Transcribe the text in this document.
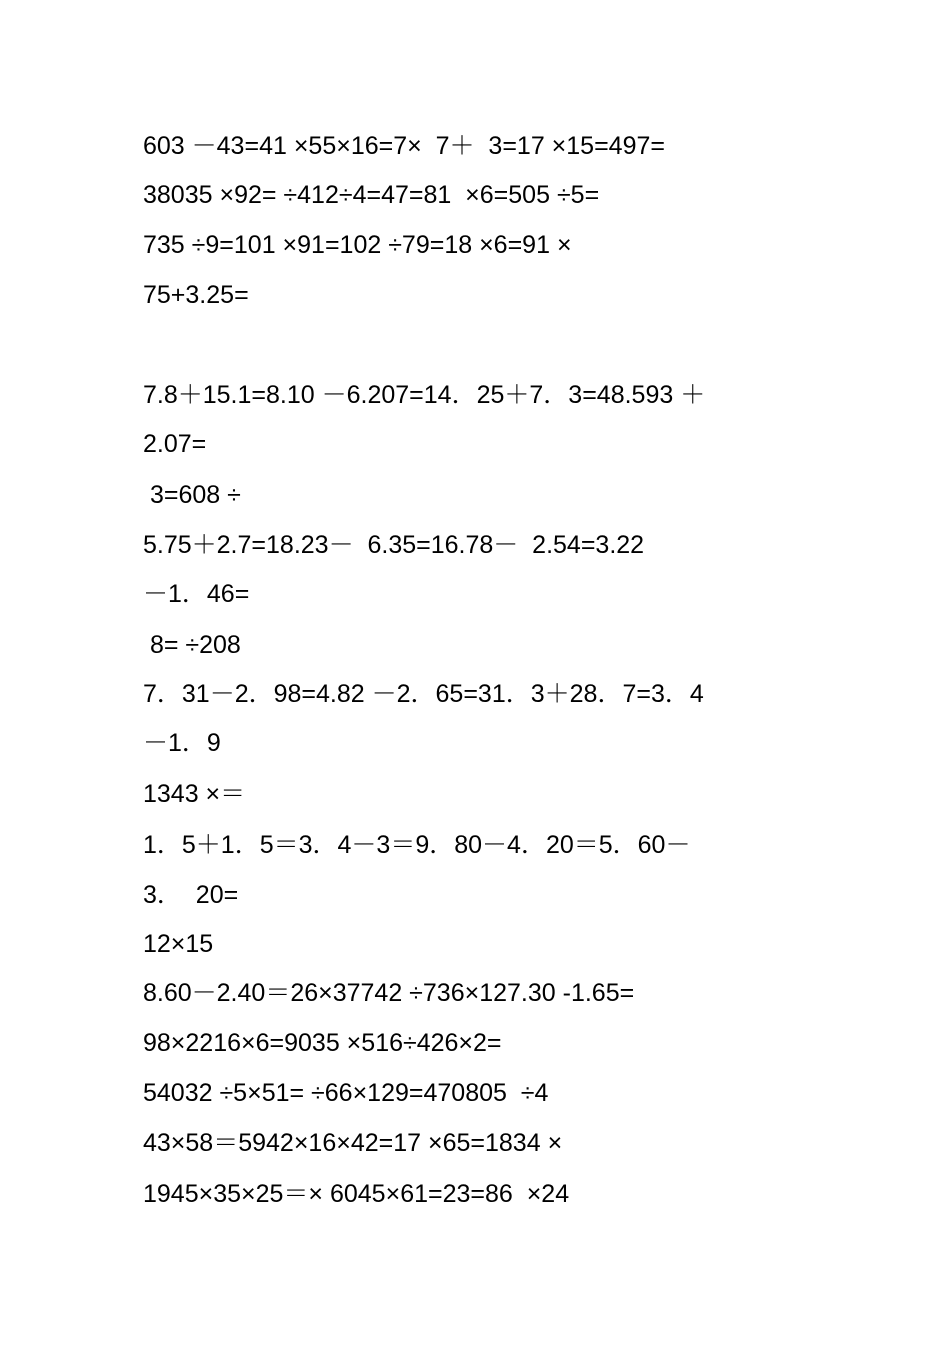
603 －43=41 ×55×16=7×  7＋  3=17 ×15=497=
38035 ×92= ÷412÷4=47=81  ×6=505 ÷5=
735 ÷9=101 ×91=102 ÷79=18 ×6=91 ×
75+3.25=
7.8＋15.1=8.10 －6.207=14．25＋7．3=48.593 ＋
2.07=
3=608 ÷
5.75＋2.7=18.23－  6.35=16.78－  2.54=3.22
－1．46=
8= ÷208
7．31－2．98=4.82 －2．65=31．3＋28．7=3．4
－1．9
1343 ×＝
1．5＋1．5＝3．4－3＝9．80－4．20＝5．60－
3．  20=
12×15
8.60－2.40＝26×37742 ÷736×127.30 -1.65=
98×2216×6=9035 ×516÷426×2=
54032 ÷5×51= ÷66×129=470805  ÷4
43×58＝5942×16×42=17 ×65=1834 ×
1945×35×25＝× 6045×61=23=86  ×24
